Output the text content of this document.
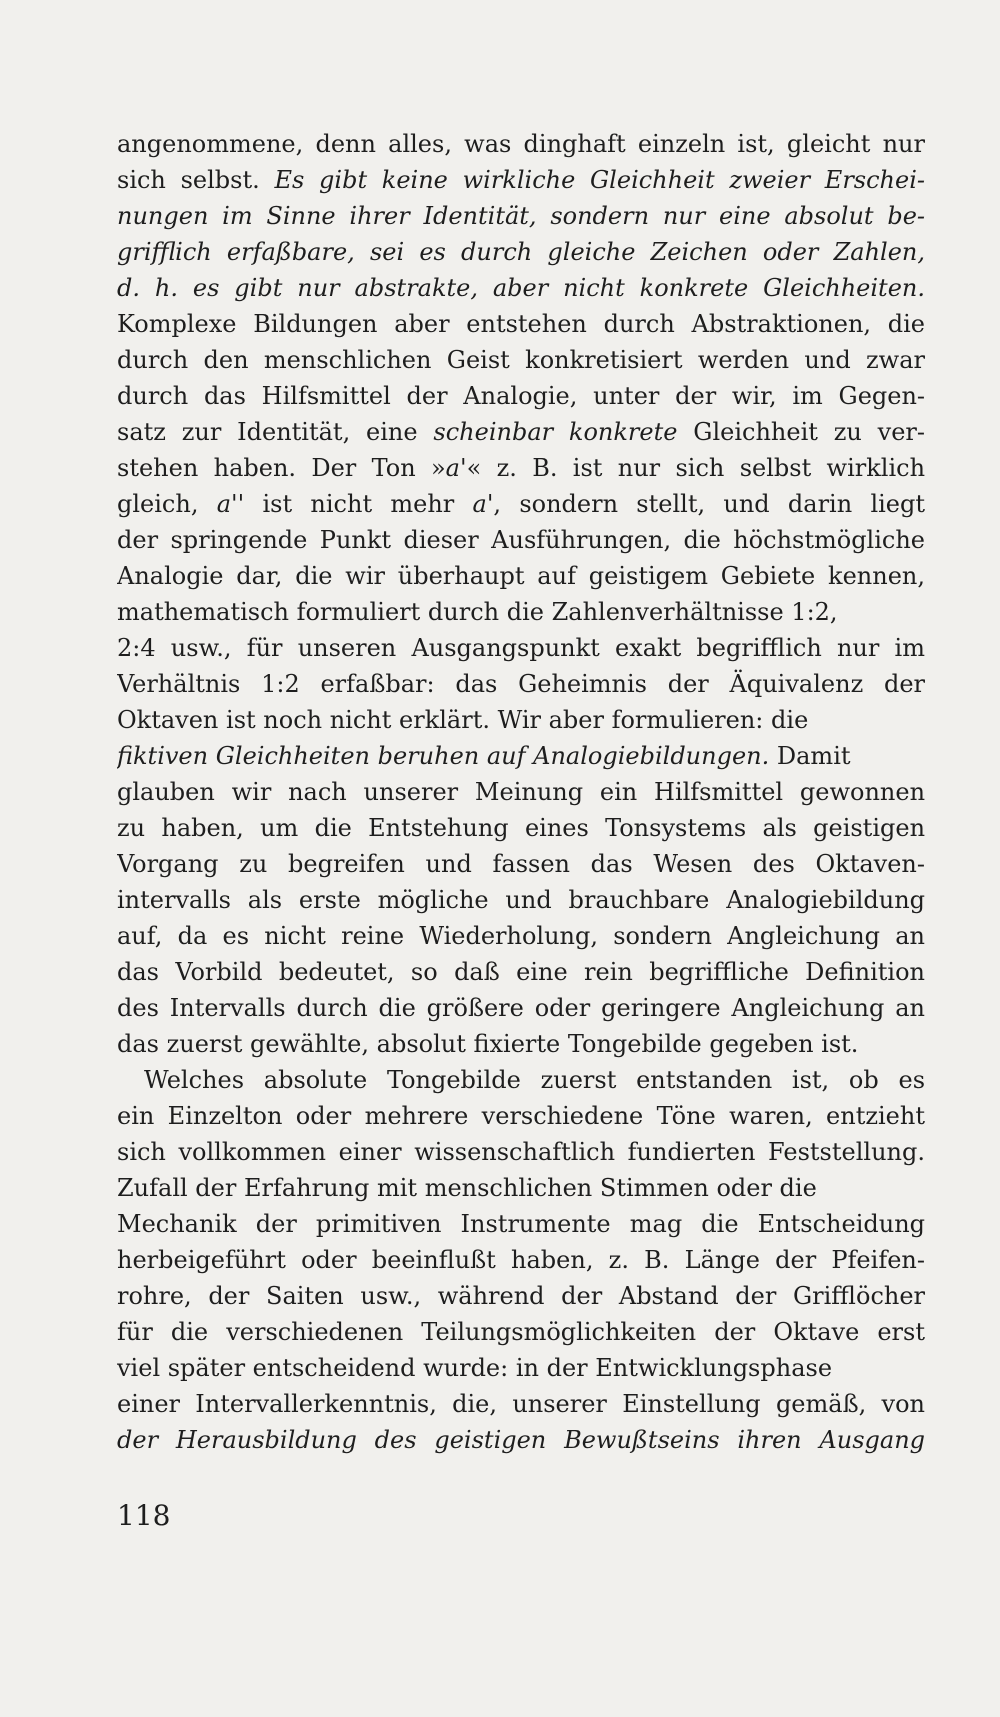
angenommene, denn alles, was dinghaft einzeln ist, gleicht nur
sich selbst. Es gibt keine wirkliche Gleichheit zweier Erschei-
nungen im Sinne ihrer Identität, sondern nur eine absolut be-
grifflich erfaßbare, sei es durch gleiche Zeichen oder Zahlen,
d. h. es gibt nur abstrakte, aber nicht konkrete Gleichheiten.
Komplexe Bildungen aber entstehen durch Abstraktionen, die
durch den menschlichen Geist konkretisiert werden und zwar
durch das Hilfsmittel der Analogie, unter der wir, im Gegen-
satz zur Identität, eine scheinbar konkrete Gleichheit zu ver-
stehen haben. Der Ton »a'« z. B. ist nur sich selbst wirklich
gleich, a'' ist nicht mehr a', sondern stellt, und darin liegt
der springende Punkt dieser Ausführungen, die höchstmögliche
Analogie dar, die wir überhaupt auf geistigem Gebiete kennen,
mathematisch formuliert durch die Zahlenverhältnisse 1:2,
2:4 usw., für unseren Ausgangspunkt exakt begrifflich nur im
Verhältnis 1:2 erfaßbar: das Geheimnis der Äquivalenz der
Oktaven ist noch nicht erklärt. Wir aber formulieren: die
fiktiven Gleichheiten beruhen auf Analogiebildungen. Damit
glauben wir nach unserer Meinung ein Hilfsmittel gewonnen
zu haben, um die Entstehung eines Tonsystems als geistigen
Vorgang zu begreifen und fassen das Wesen des Oktaven-
intervalls als erste mögliche und brauchbare Analogiebildung
auf, da es nicht reine Wiederholung, sondern Angleichung an
das Vorbild bedeutet, so daß eine rein begriffliche Definition
des Intervalls durch die größere oder geringere Angleichung an
das zuerst gewählte, absolut fixierte Tongebilde gegeben ist.
Welches absolute Tongebilde zuerst entstanden ist, ob es
ein Einzelton oder mehrere verschiedene Töne waren, entzieht
sich vollkommen einer wissenschaftlich fundierten Feststellung.
Zufall der Erfahrung mit menschlichen Stimmen oder die
Mechanik der primitiven Instrumente mag die Entscheidung
herbeigeführt oder beeinflußt haben, z. B. Länge der Pfeifen-
rohre, der Saiten usw., während der Abstand der Grifflöcher
für die verschiedenen Teilungsmöglichkeiten der Oktave erst
viel später entscheidend wurde: in der Entwicklungsphase
einer Intervallerkenntnis, die, unserer Einstellung gemäß, von
der Herausbildung des geistigen Bewußtseins ihren Ausgang
118
